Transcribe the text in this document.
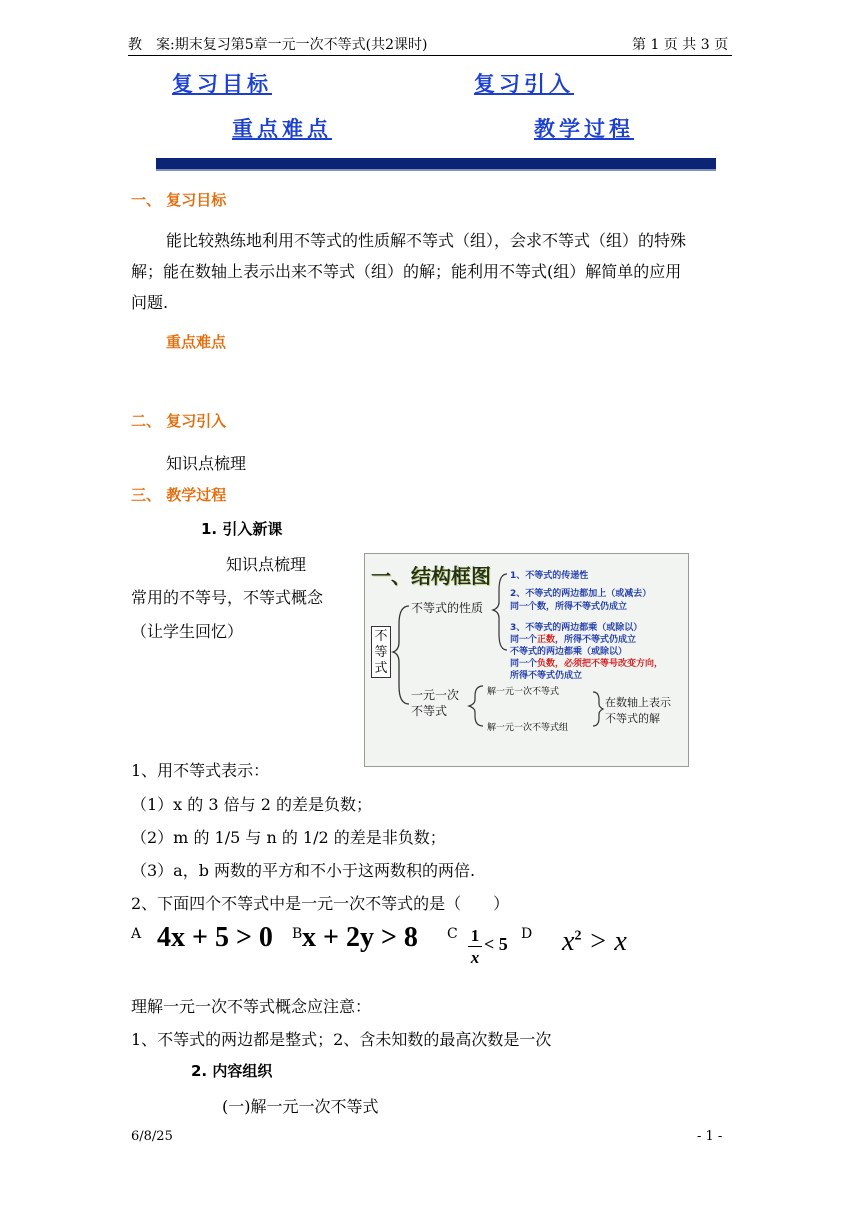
教　案:期末复习第5章一元一次不等式(共2课时)	第 1 页 共 3 页
复习目标	复习引入
重点难点	教学过程
一、 复习目标
能比较熟练地利用不等式的性质解不等式（组），会求不等式（组）的特殊
解；能在数轴上表示出来不等式（组）的解；能利用不等式(组）解简单的应用
问题.
重点难点
二、 复习引入
知识点梳理
三、 教学过程
1. 引入新课
知识点梳理
常用的不等号，不等式概念
（让学生回忆）
一、结构框图
不等式
不等式的性质
1、不等式的传递性
2、不等式的两边都加上（或减去）
同一个数，所得不等式仍成立
3、不等式的两边都乘（或除以）
同一个正数，所得不等式仍成立
不等式的两边都乘（或除以）
同一个负数，必须把不等号改变方向，
所得不等式仍成立
一元一次
不等式
解一元一次不等式
解一元一次不等式组
在数轴上表示
不等式的解
1、用不等式表示：
（1）x 的 3 倍与 2 的差是负数；
（2）m 的 1/5 与 n 的 1/2 的差是非负数；
（3）a，b 两数的平方和不小于这两数积的两倍.
2、下面四个不等式中是一元一次不等式的是（　　）
A 4x + 5 > 0 B x + 2y > 8 C 1
x
< 5 D $x^2 > x$
理解一元一次不等式概念应注意：
1、不等式的两边都是整式；2、含未知数的最高次数是一次
2. 内容组织
(一)解一元一次不等式
6/8/25	- 1 -
